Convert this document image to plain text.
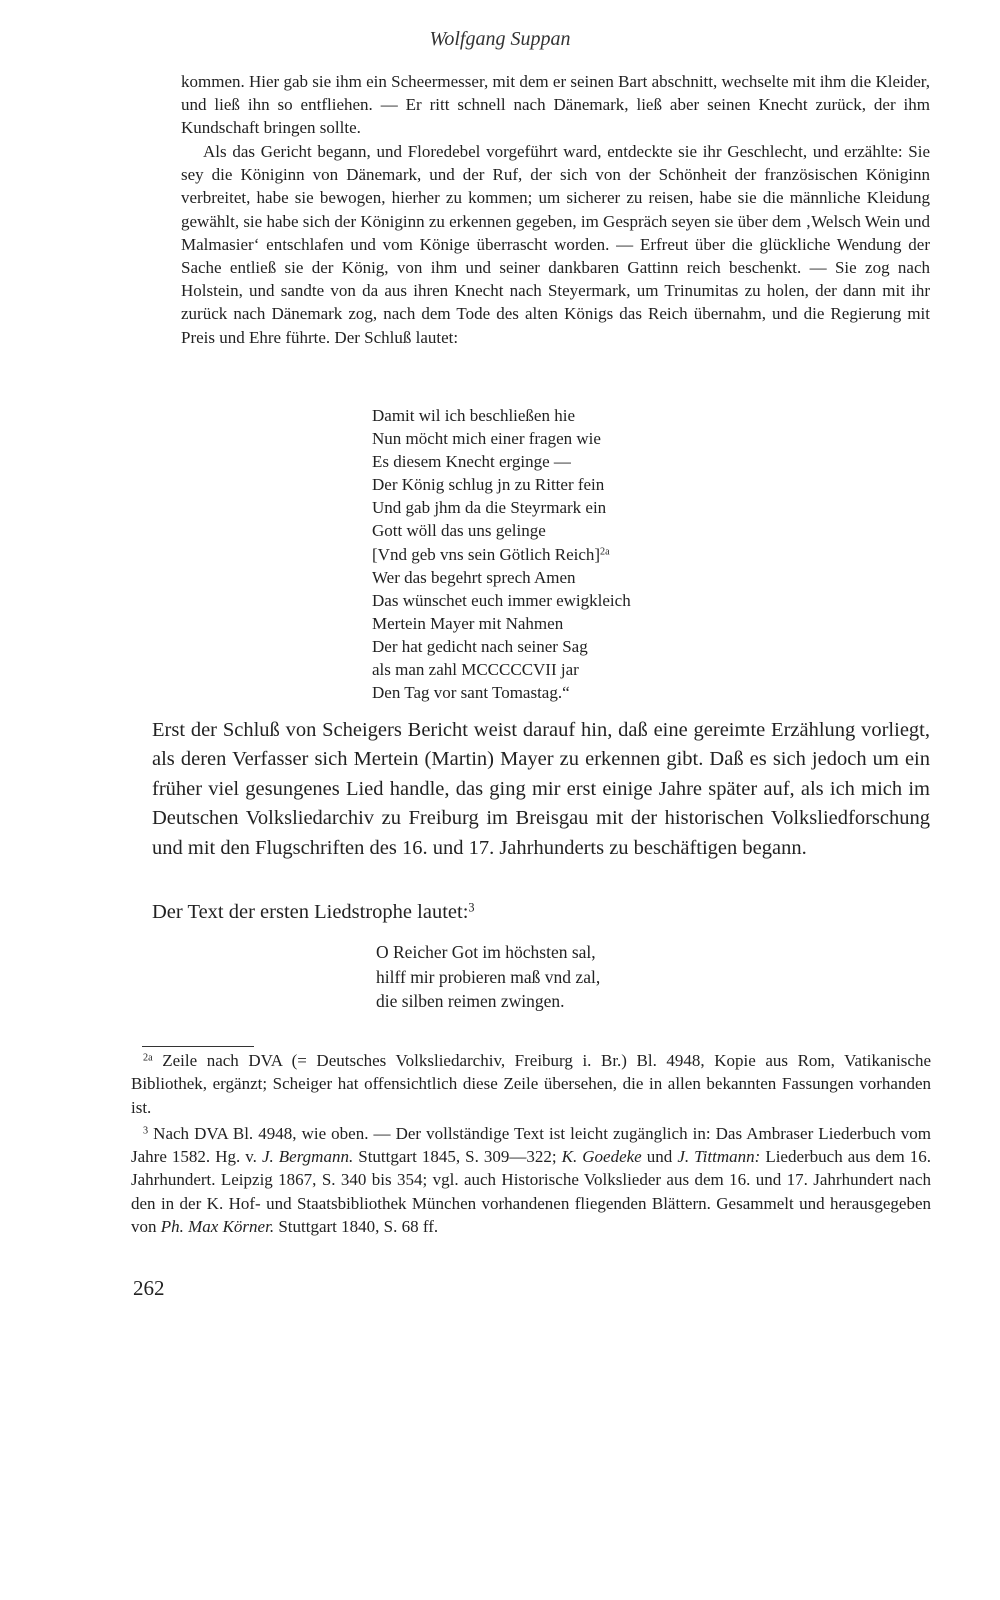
Wolfgang Suppan
kommen. Hier gab sie ihm ein Scheermesser, mit dem er seinen Bart abschnitt, wechselte mit ihm die Kleider, und ließ ihn so entfliehen. — Er ritt schnell nach Dänemark, ließ aber seinen Knecht zurück, der ihm Kundschaft bringen sollte.
Als das Gericht begann, und Floredebel vorgeführt ward, entdeckte sie ihr Geschlecht, und erzählte: Sie sey die Königinn von Dänemark, und der Ruf, der sich von der Schönheit der französischen Königinn verbreitet, habe sie bewogen, hierher zu kommen; um sicherer zu reisen, habe sie die männliche Kleidung gewählt, sie habe sich der Königinn zu erkennen gegeben, im Gespräch seyen sie über dem ‚Welsch Wein und Malmasier‘ entschlafen und vom Könige überrascht worden. — Erfreut über die glückliche Wendung der Sache entließ sie der König, von ihm und seiner dankbaren Gattinn reich beschenkt. — Sie zog nach Holstein, und sandte von da aus ihren Knecht nach Steyermark, um Trinumitas zu holen, der dann mit ihr zurück nach Dänemark zog, nach dem Tode des alten Königs das Reich übernahm, und die Regierung mit Preis und Ehre führte. Der Schluß lautet:
Damit wil ich beschließen hie
Nun möcht mich einer fragen wie
Es diesem Knecht erginge —
Der König schlug jn zu Ritter fein
Und gab jhm da die Steyrmark ein
Gott wöll das uns gelinge
[Vnd geb vns sein Götlich Reich]$^{2a}$
Wer das begehrt sprech Amen
Das wünschet euch immer ewigkleich
Mertein Mayer mit Nahmen
Der hat gedicht nach seiner Sag
als man zahl MCCCCCVII jar
Den Tag vor sant Tomastag.“
Erst der Schluß von Scheigers Bericht weist darauf hin, daß eine gereimte Erzählung vorliegt, als deren Verfasser sich Mertein (Martin) Mayer zu erkennen gibt. Daß es sich jedoch um ein früher viel gesungenes Lied handle, das ging mir erst einige Jahre später auf, als ich mich im Deutschen Volksliedarchiv zu Freiburg im Breisgau mit der historischen Volksliedforschung und mit den Flugschriften des 16. und 17. Jahrhunderts zu beschäftigen begann.
Der Text der ersten Liedstrophe lautet:$^3$
O Reicher Got im höchsten sal,
hilff mir probieren maß vnd zal,
die silben reimen zwingen.
$^{2a}$ Zeile nach DVA (= Deutsches Volksliedarchiv, Freiburg i. Br.) Bl. 4948, Kopie aus Rom, Vatikanische Bibliothek, ergänzt; Scheiger hat offensichtlich diese Zeile übersehen, die in allen bekannten Fassungen vorhanden ist.
$^3$ Nach DVA Bl. 4948, wie oben. — Der vollständige Text ist leicht zugänglich in: Das Ambraser Liederbuch vom Jahre 1582. Hg. v. J. Bergmann. Stuttgart 1845, S. 309—322; K. Goedeke und J. Tittmann: Liederbuch aus dem 16. Jahrhundert. Leipzig 1867, S. 340 bis 354; vgl. auch Historische Volkslieder aus dem 16. und 17. Jahrhundert nach den in der K. Hof- und Staatsbibliothek München vorhandenen fliegenden Blättern. Gesammelt und herausgegeben von Ph. Max Körner. Stuttgart 1840, S. 68 ff.
262
